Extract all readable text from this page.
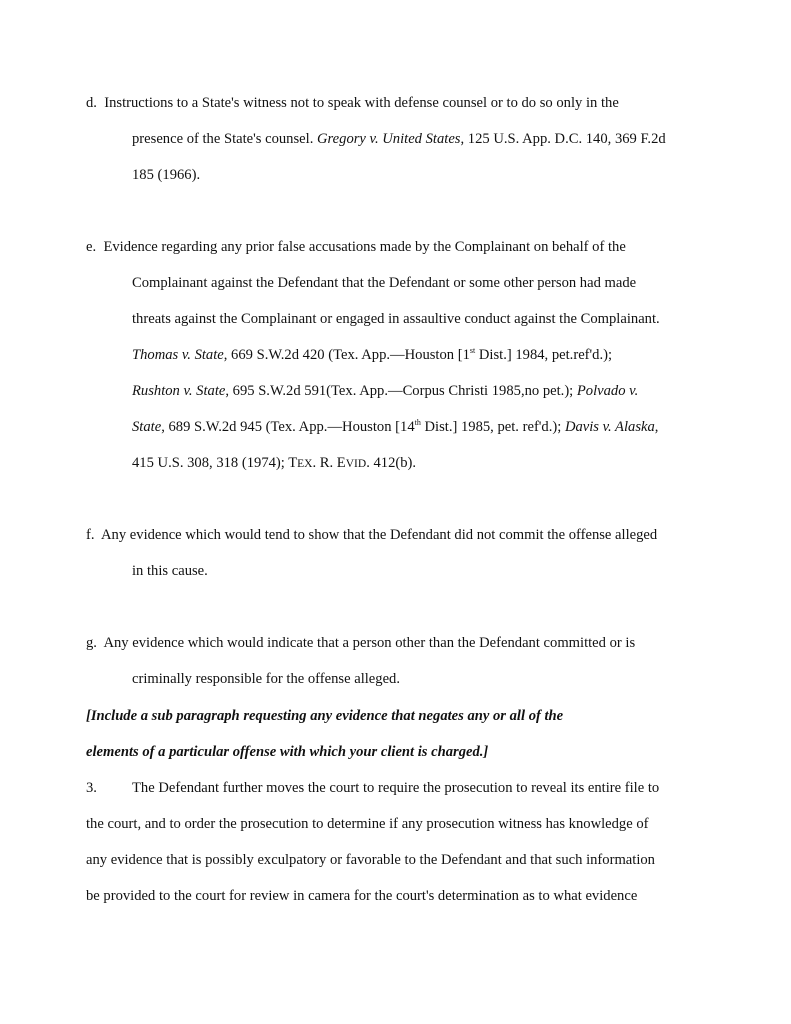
d. Instructions to a State's witness not to speak with defense counsel or to do so only in the
presence of the State's counsel. Gregory v. United States, 125 U.S. App. D.C. 140, 369 F.2d
185 (1966).
e. Evidence regarding any prior false accusations made by the Complainant on behalf of the
Complainant against the Defendant that the Defendant or some other person had made
threats against the Complainant or engaged in assaultive conduct against the Complainant.
Thomas v. State, 669 S.W.2d 420 (Tex. App.—Houston [1st Dist.] 1984, pet.ref'd.);
Rushton v. State, 695 S.W.2d 591(Tex. App.—Corpus Christi 1985,no pet.); Polvado v.
State, 689 S.W.2d 945 (Tex. App.—Houston [14th Dist.] 1985, pet. ref'd.); Davis v. Alaska,
415 U.S. 308, 318 (1974); TEX. R. EVID. 412(b).
f. Any evidence which would tend to show that the Defendant did not commit the offense alleged
in this cause.
g. Any evidence which would indicate that a person other than the Defendant committed or is
criminally responsible for the offense alleged.
[Include a sub paragraph requesting any evidence that negates any or all of the
elements of a particular offense with which your client is charged.]
3. The Defendant further moves the court to require the prosecution to reveal its entire file to
the court, and to order the prosecution to determine if any prosecution witness has knowledge of
any evidence that is possibly exculpatory or favorable to the Defendant and that such information
be provided to the court for review in camera for the court's determination as to what evidence
